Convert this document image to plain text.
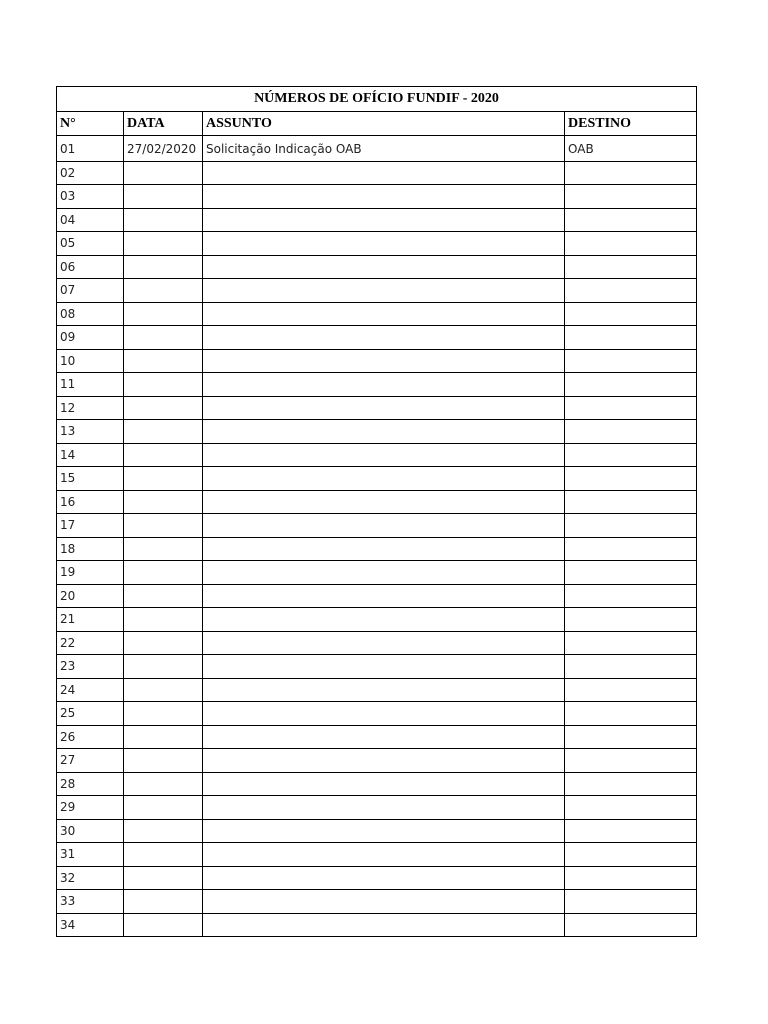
NÚMEROS DE OFÍCIO FUNDIF - 2020			
N°	DATA	ASSUNTO	DESTINO
01	27/02/2020	Solicitação Indicação OAB	OAB
02			
03			
04			
05			
06			
07			
08			
09			
10			
11			
12			
13			
14			
15			
16			
17			
18			
19			
20			
21			
22			
23			
24			
25			
26			
27			
28			
29			
30			
31			
32			
33			
34			
